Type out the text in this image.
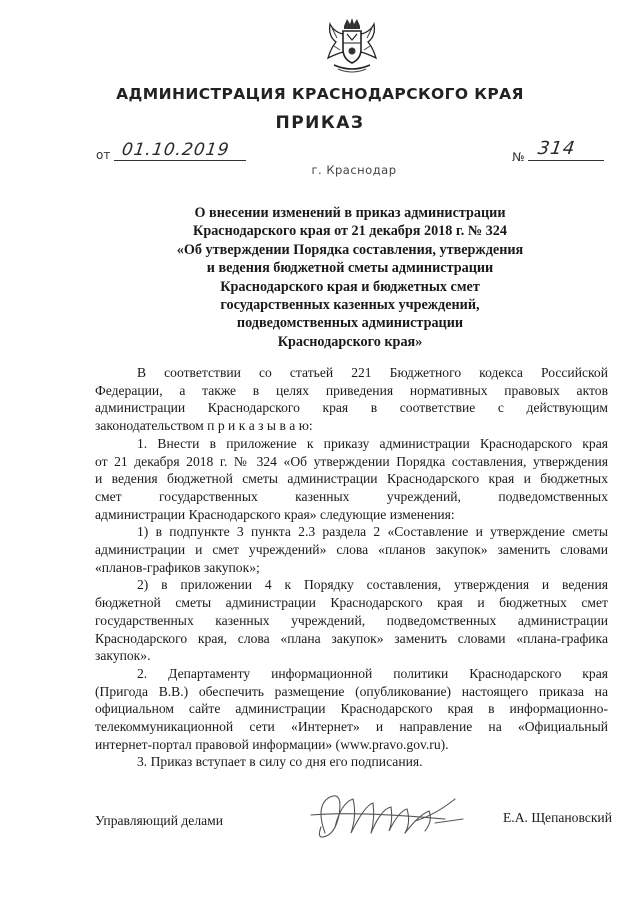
АДМИНИСТРАЦИЯ КРАСНОДАРСКОГО КРАЯ
ПРИКАЗ
от 01.10.2019
г. Краснодар
№ 314
О внесении изменений в приказ администрации
Краснодарского края от 21 декабря 2018 г. № 324
«Об утверждении Порядка составления, утверждения
и ведения бюджетной сметы администрации
Краснодарского края и бюджетных смет
государственных казенных учреждений,
подведомственных администрации
Краснодарского края»

В соответствии со статьей 221 Бюджетного кодекса Российской
Федерации, а также в целях приведения нормативных правовых актов
администрации Краснодарского края в соответствие с действующим
законодательством п р и к а з ы в а ю:

1. Внести в приложение к приказу администрации Краснодарского края
от 21 декабря 2018 г. № 324 «Об утверждении Порядка составления, утверждения
и ведения бюджетной сметы администрации Краснодарского края и бюджетных
смет государственных казенных учреждений, подведомственных
администрации Краснодарского края» следующие изменения:

1) в подпункте 3 пункта 2.3 раздела 2 «Составление и утверждение сметы
администрации и смет учреждений» слова «планов закупок» заменить словами
«планов-графиков закупок»;

2) в приложении 4 к Порядку составления, утверждения и ведения
бюджетной сметы администрации Краснодарского края и бюджетных смет
государственных казенных учреждений, подведомственных администрации
Краснодарского края, слова «плана закупок» заменить словами «плана-графика
закупок».

2. Департаменту информационной политики Краснодарского края
(Пригода В.В.) обеспечить размещение (опубликование) настоящего приказа на
официальном сайте администрации Краснодарского края в информационно-
телекоммуникационной сети «Интернет» и направление на «Официальный
интернет-портал правовой информации» (www.pravo.gov.ru).

3. Приказ вступает в силу со дня его подписания.

Управляющий делами	Е.А. Щепановский
